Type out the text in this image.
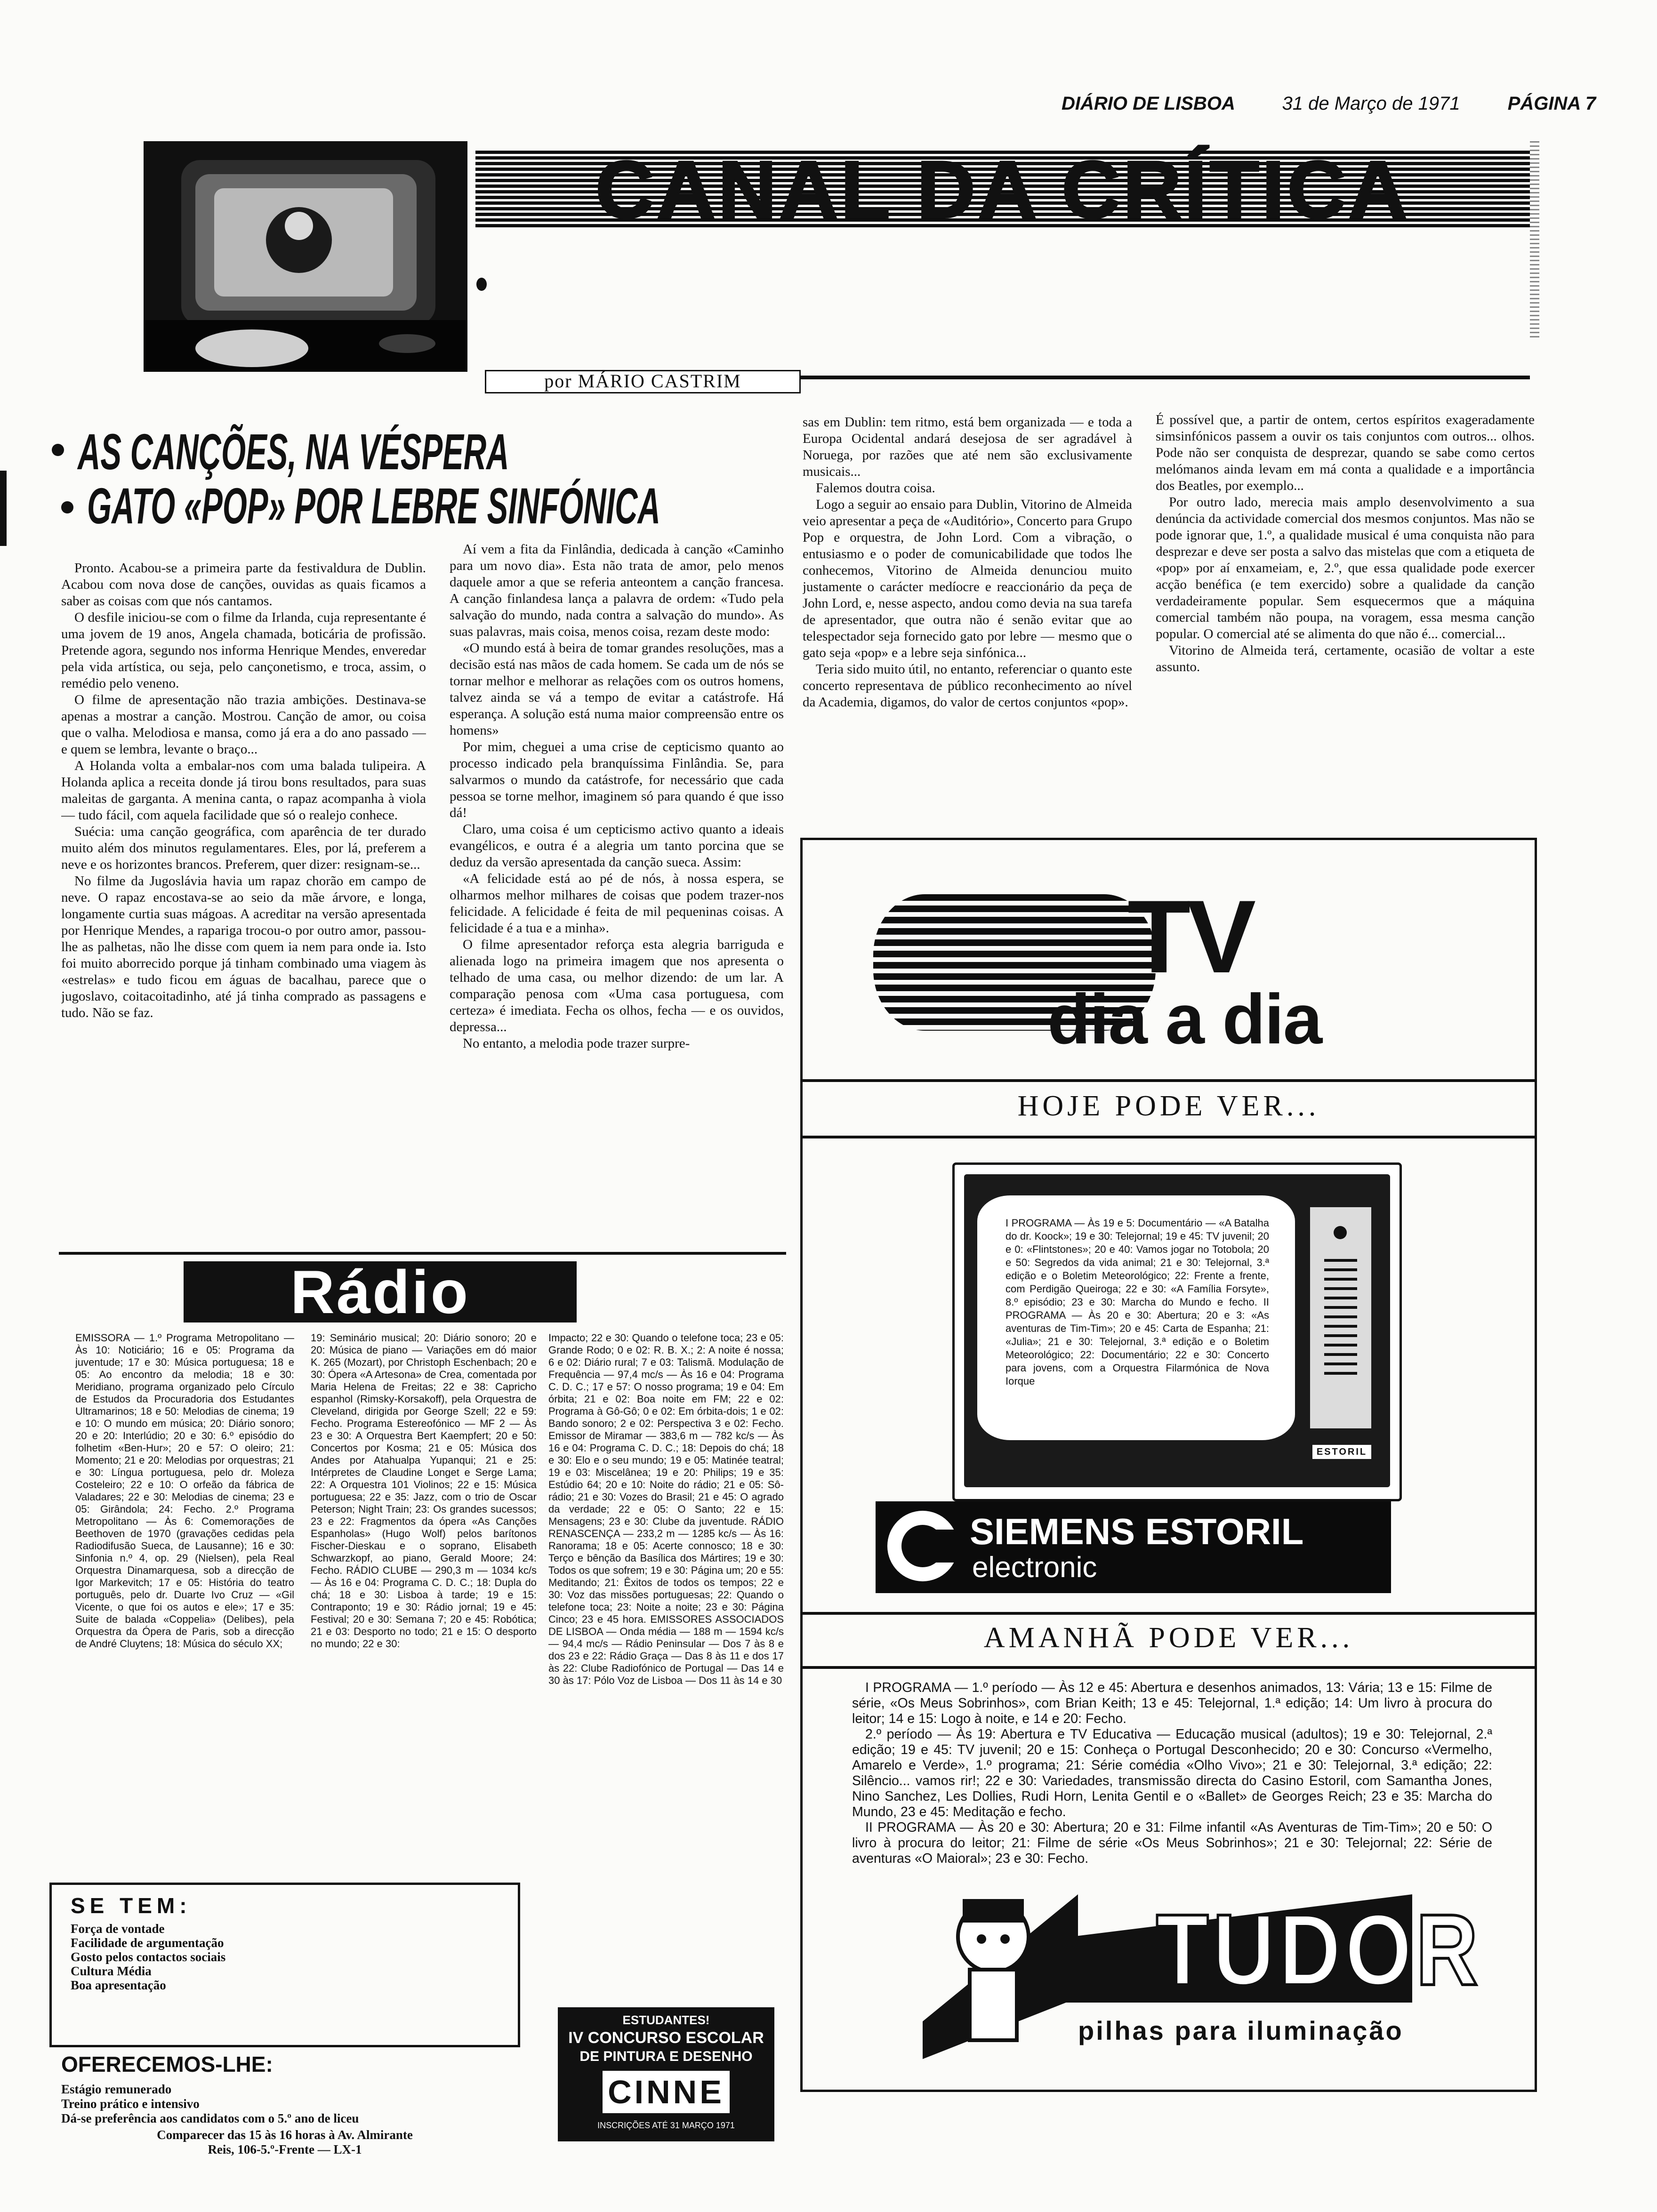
DIÁRIO DE LISBOA	31 de Março de 1971	PÁGINA 7
CANAL DA CRÍTICA
por MÁRIO CASTRIM
AS CANÇÕES, NA VÉSPERA
GATO «POP» POR LEBRE SINFÓNICA

Pronto. Acabou-se a primeira parte da festivaldura de Dublin. Acabou com nova dose de canções, ouvidas as quais ficamos a saber as coisas com que nós cantamos.

O desfile iniciou-se com o filme da Irlanda, cuja representante é uma jovem de 19 anos, Angela chamada, boticária de profissão. Pretende agora, segundo nos informa Henrique Mendes, enveredar pela vida artística, ou seja, pelo cançonetismo, e troca, assim, o remédio pelo veneno.

O filme de apresentação não trazia ambições. Destinava-se apenas a mostrar a canção. Mostrou. Canção de amor, ou coisa que o valha. Melodiosa e mansa, como já era a do ano passado — e quem se lembra, levante o braço...

A Holanda volta a embalar-nos com uma balada tulipeira. A Holanda aplica a receita donde já tirou bons resultados, para suas maleitas de garganta. A menina canta, o rapaz acompanha à viola — tudo fácil, com aquela facilidade que só o realejo conhece.

Suécia: uma canção geográfica, com aparência de ter durado muito além dos minutos regulamentares. Eles, por lá, preferem a neve e os horizontes brancos. Preferem, quer dizer: resignam-se...

No filme da Jugoslávia havia um rapaz chorão em campo de neve. O rapaz encostava-se ao seio da mãe árvore, e longa, longamente curtia suas mágoas. A acreditar na versão apresentada por Henrique Mendes, a rapariga trocou-o por outro amor, passou-lhe as palhetas, não lhe disse com quem ia nem para onde ia. Isto foi muito aborrecido porque já tinham combinado uma viagem às «estrelas» e tudo ficou em águas de bacalhau, parece que o jugoslavo, coitacoitadinho, até já tinha comprado as passagens e tudo. Não se faz.

Aí vem a fita da Finlândia, dedicada à canção «Caminho para um novo dia». Esta não trata de amor, pelo menos daquele amor a que se referia anteontem a canção francesa. A canção finlandesa lança a palavra de ordem: «Tudo pela salvação do mundo, nada contra a salvação do mundo». As suas palavras, mais coisa, menos coisa, rezam deste modo:

«O mundo está à beira de tomar grandes resoluções, mas a decisão está nas mãos de cada homem. Se cada um de nós se tornar melhor e melhorar as relações com os outros homens, talvez ainda se vá a tempo de evitar a catástrofe. Há esperança. A solução está numa maior compreensão entre os homens»

Por mim, cheguei a uma crise de cepticismo quanto ao processo indicado pela branquíssima Finlândia. Se, para salvarmos o mundo da catástrofe, for necessário que cada pessoa se torne melhor, imaginem só para quando é que isso dá!

Claro, uma coisa é um cepticismo activo quanto a ideais evangélicos, e outra é a alegria um tanto porcina que se deduz da versão apresentada da canção sueca. Assim:

«A felicidade está ao pé de nós, à nossa espera, se olharmos melhor milhares de coisas que podem trazer-nos felicidade. A felicidade é feita de mil pequeninas coisas. A felicidade é a tua e a minha».

O filme apresentador reforça esta alegria barriguda e alienada logo na primeira imagem que nos apresenta o telhado de uma casa, ou melhor dizendo: de um lar. A comparação penosa com «Uma casa portuguesa, com certeza» é imediata. Fecha os olhos, fecha — e os ouvidos, depressa...

No entanto, a melodia pode trazer surpre-

sas em Dublin: tem ritmo, está bem organizada — e toda a Europa Ocidental andará desejosa de ser agradável à Noruega, por razões que até nem são exclusivamente musicais...

Falemos doutra coisa.

Logo a seguir ao ensaio para Dublin, Vitorino de Almeida veio apresentar a peça de «Auditório», Concerto para Grupo Pop e orquestra, de John Lord. Com a vibração, o entusiasmo e o poder de comunicabilidade que todos lhe conhecemos, Vitorino de Almeida denunciou muito justamente o carácter medíocre e reaccionário da peça de John Lord, e, nesse aspecto, andou como devia na sua tarefa de apresentador, que outra não é senão evitar que ao telespectador seja fornecido gato por lebre — mesmo que o gato seja «pop» e a lebre seja sinfónica...

Teria sido muito útil, no entanto, referenciar o quanto este concerto representava de público reconhecimento ao nível da Academia, digamos, do valor de certos conjuntos «pop».

É possível que, a partir de ontem, certos espíritos exageradamente simsinfónicos passem a ouvir os tais conjuntos com outros... olhos. Pode não ser conquista de desprezar, quando se sabe como certos melómanos ainda levam em má conta a qualidade e a importância dos Beatles, por exemplo...

Por outro lado, merecia mais amplo desenvolvimento a sua denúncia da actividade comercial dos mesmos conjuntos. Mas não se pode ignorar que, 1.º, a qualidade musical é uma conquista não para desprezar e deve ser posta a salvo das mistelas que com a etiqueta de «pop» por aí enxameiam, e, 2.º, que essa qualidade pode exercer acção benéfica (e tem exercido) sobre a qualidade da canção verdadeiramente popular. Sem esquecermos que a máquina comercial também não poupa, na voragem, essa mesma canção popular. O comercial até se alimenta do que não é... comercial...

Vitorino de Almeida terá, certamente, ocasião de voltar a este assunto.

Rádio
EMISSORA — 1.º Programa Metropolitano — Às 10: Noticiário; 16 e 05: Programa da juventude; 17 e 30: Música portuguesa; 18 e 05: Ao encontro da melodia; 18 e 30: Meridiano, programa organizado pelo Círculo de Estudos da Procuradoria dos Estudantes Ultramarinos; 18 e 50: Melodias de cinema; 19 e 10: O mundo em música; 20: Diário sonoro; 20 e 20: Interlúdio; 20 e 30: 6.º episódio do folhetim «Ben-Hur»; 20 e 57: O oleiro; 21: Momento; 21 e 20: Melodias por orquestras; 21 e 30: Língua portuguesa, pelo dr. Moleza Costeleiro; 22 e 10: O orfeão da fábrica de Valadares; 22 e 30: Melodias de cinema; 23 e 05: Girândola; 24: Fecho. 2.º Programa Metropolitano — Às 6: Comemorações de Beethoven de 1970 (gravações cedidas pela Radiodifusão Sueca, de Lausanne); 16 e 30: Sinfonia n.º 4, op. 29 (Nielsen), pela Real Orquestra Dinamarquesa, sob a direcção de Igor Markevitch; 17 e 05: História do teatro português, pelo dr. Duarte Ivo Cruz — «Gil Vicente, o que foi os autos e ele»; 17 e 35: Suite de balada «Coppelia» (Delibes), pela Orquestra da Ópera de Paris, sob a direcção de André Cluytens; 18: Música do século XX;
19: Seminário musical; 20: Diário sonoro; 20 e 20: Música de piano — Variações em dó maior K. 265 (Mozart), por Christoph Eschenbach; 20 e 30: Ópera «A Artesona» de Crea, comentada por Maria Helena de Freitas; 22 e 38: Capricho espanhol (Rimsky-Korsakoff), pela Orquestra de Cleveland, dirigida por George Szell; 22 e 59: Fecho. Programa Estereofónico — MF 2 — Às 23 e 30: A Orquestra Bert Kaempfert; 20 e 50: Concertos por Kosma; 21 e 05: Música dos Andes por Atahualpa Yupanqui; 21 e 25: Intérpretes de Claudine Longet e Serge Lama; 22: A Orquestra 101 Violinos; 22 e 15: Música portuguesa; 22 e 35: Jazz, com o trio de Oscar Peterson; Night Train; 23: Os grandes sucessos; 23 e 22: Fragmentos da ópera «As Canções Espanholas» (Hugo Wolf) pelos barítonos Fischer-Dieskau e o soprano, Elisabeth Schwarzkopf, ao piano, Gerald Moore; 24: Fecho. RÁDIO CLUBE — 290,3 m — 1034 kc/s — Às 16 e 04: Programa C. D. C.; 18: Dupla do chá; 18 e 30: Lisboa à tarde; 19 e 15: Contraponto; 19 e 30: Rádio jornal; 19 e 45: Festival; 20 e 30: Semana 7; 20 e 45: Robótica; 21 e 03: Desporto no todo; 21 e 15: O desporto no mundo; 22 e 30:
Impacto; 22 e 30: Quando o telefone toca; 23 e 05: Grande Rodo; 0 e 02: R. B. X.; 2: A noite é nossa; 6 e 02: Diário rural; 7 e 03: Talismã. Modulação de Frequência — 97,4 mc/s — Às 16 e 04: Programa C. D. C.; 17 e 57: O nosso programa; 19 e 04: Em órbita; 21 e 02: Boa noite em FM; 22 e 02: Programa à Gô-Gô; 0 e 02: Em órbita-dois; 1 e 02: Bando sonoro; 2 e 02: Perspectiva 3 e 02: Fecho. Emissor de Miramar — 383,6 m — 782 kc/s — Às 16 e 04: Programa C. D. C.; 18: Depois do chá; 18 e 30: Elo e o seu mundo; 19 e 05: Matinée teatral; 19 e 03: Miscelânea; 19 e 20: Philips; 19 e 35: Estúdio 64; 20 e 10: Noite do rádio; 21 e 05: Sô-rádio; 21 e 30: Vozes do Brasil; 21 e 45: O agrado da verdade; 22 e 05: O Santo; 22 e 15: Mensagens; 23 e 30: Clube da juventude. RÁDIO RENASCENÇA — 233,2 m — 1285 kc/s — Às 16: Ranorama; 18 e 05: Acerte connosco; 18 e 30: Terço e bênção da Basílica dos Mártires; 19 e 30: Todos os que sofrem; 19 e 30: Página um; 20 e 55: Meditando; 21: Êxitos de todos os tempos; 22 e 30: Voz das missões portuguesas; 22: Quando o telefone toca; 23: Noite a noite; 23 e 30: Página Cinco; 23 e 45 hora. EMISSORES ASSOCIADOS DE LISBOA — Onda média — 188 m — 1594 kc/s — 94,4 mc/s — Rádio Peninsular — Dos 7 às 8 e dos 23 e 22: Rádio Graça — Das 8 às 11 e dos 17 às 22: Clube Radiofónico de Portugal — Das 14 e 30 às 17: Pólo Voz de Lisboa — Dos 11 às 14 e 30
SE TEM:
Força de vontade
Facilidade de argumentação
Gosto pelos contactos sociais
Cultura Média
Boa apresentação
OFERECEMOS-LHE:
Estágio remunerado
Treino prático e intensivo
Dá-se preferência aos candidatos com o 5.º ano de liceu
Comparecer das 15 às 16 horas à Av. Almirante
Reis, 106-5.º-Frente — LX-1
ESTUDANTES!
IV CONCURSO ESCOLAR
DE PINTURA E DESENHO
CINNE
INSCRIÇÕES ATÉ 31 MARÇO 1971
TV
dia a dia
HOJE PODE VER...
I PROGRAMA — Às 19 e 5: Documentário — «A Batalha do dr. Koock»; 19 e 30: Telejornal; 19 e 45: TV juvenil; 20 e 0: «Flintstones»; 20 e 40: Vamos jogar no Totobola; 20 e 50: Segredos da vida animal; 21 e 30: Telejornal, 3.ª edição e o Boletim Meteorológico; 22: Frente a frente, com Perdigão Queiroga; 22 e 30: «A Família Forsyte», 8.º episódio; 23 e 30: Marcha do Mundo e fecho. II PROGRAMA — Às 20 e 30: Abertura; 20 e 3: «As aventuras de Tim-Tim»; 20 e 45: Carta de Espanha; 21: «Julia»; 21 e 30: Telejornal, 3.ª edição e o Boletim Meteorológico; 22: Documentário; 22 e 30: Concerto para jovens, com a Orquestra Filarmónica de Nova Iorque
ESTORIL
SIEMENS ESTORIL
electronic
AMANHÃ PODE VER...

I PROGRAMA — 1.º período — Às 12 e 45: Abertura e desenhos animados, 13: Vária; 13 e 15: Filme de série, «Os Meus Sobrinhos», com Brian Keith; 13 e 45: Telejornal, 1.ª edição; 14: Um livro à procura do leitor; 14 e 15: Logo à noite, e 14 e 20: Fecho.

2.º período — Às 19: Abertura e TV Educativa — Educação musical (adultos); 19 e 30: Telejornal, 2.ª edição; 19 e 45: TV juvenil; 20 e 15: Conheça o Portugal Desconhecido; 20 e 30: Concurso «Vermelho, Amarelo e Verde», 1.º programa; 21: Série comédia «Olho Vivo»; 21 e 30: Telejornal, 3.ª edição; 22: Silêncio... vamos rir!; 22 e 30: Variedades, transmissão directa do Casino Estoril, com Samantha Jones, Nino Sanchez, Les Dollies, Rudi Horn, Lenita Gentil e o «Ballet» de Georges Reich; 23 e 35: Marcha do Mundo, 23 e 45: Meditação e fecho.

II PROGRAMA — Às 20 e 30: Abertura; 20 e 31: Filme infantil «As Aventuras de Tim-Tim»; 20 e 50: O livro à procura do leitor; 21: Filme de série «Os Meus Sobrinhos»; 21 e 30: Telejornal; 22: Série de aventuras «O Maioral»; 23 e 30: Fecho.

TUDOR
pilhas para iluminação
